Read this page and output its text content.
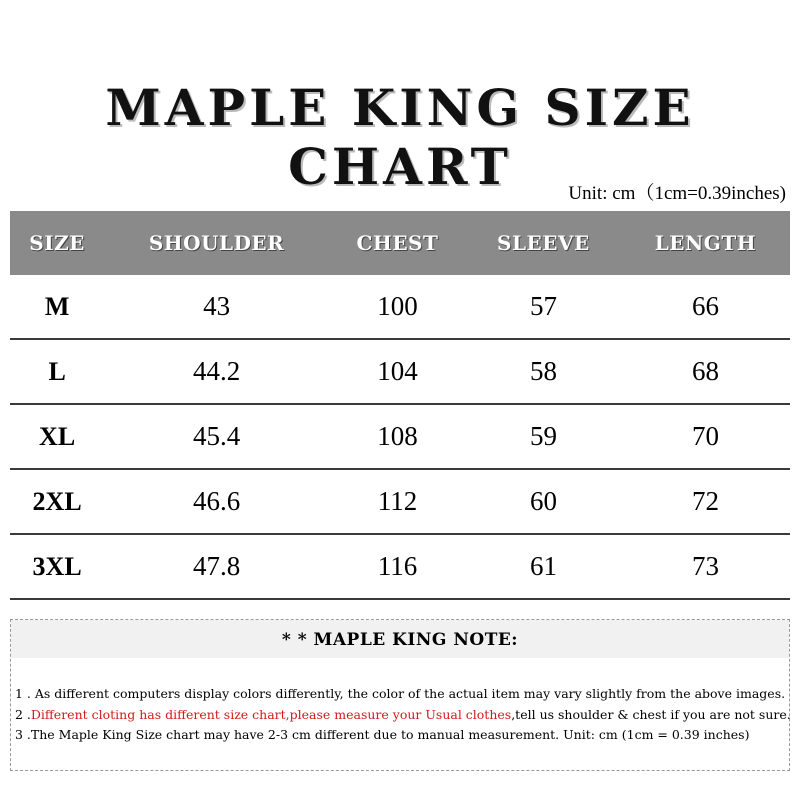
MAPLE KING SIZE CHART	Unit: cm（1cm=0.39inches)
SIZE	SHOULDER	CHEST	SLEEVE	LENGTH
M	43	100	57	66
L	44.2	104	58	68
XL	45.4	108	59	70
2XL	46.6	112	60	72
3XL	47.8	116	61	73
* * MAPLE KING NOTE:
1 . As different computers display colors differently, the color of the actual item may vary slightly from the above images.
2 .Different cloting has different size chart,please measure your Usual clothes,tell us shoulder & chest if you are not sure.
3 .The Maple King Size chart may have 2-3 cm different due to manual measurement. Unit: cm (1cm = 0.39 inches)
